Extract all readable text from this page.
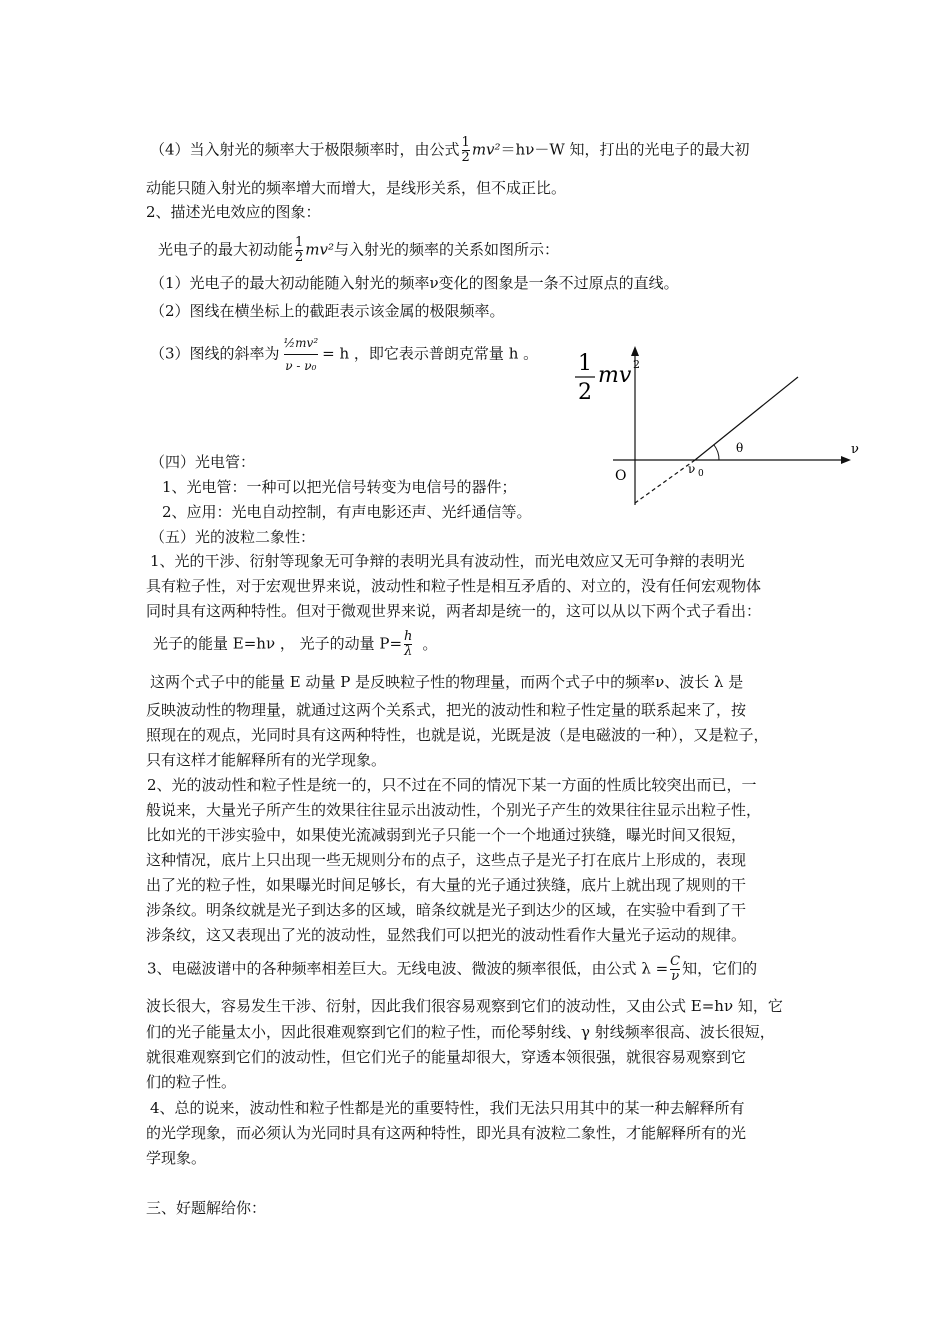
（4）当入射光的频率大于极限频率时，由公式 $\frac{1}{2} mv^2=h\nu-W$ 知，打出的光电子的最大初
动能只随入射光的频率增大而增大，是线形关系，但不成正比。
2、描述光电效应的图象：
光电子的最大初动能 $\frac{1}{2} mv^2$与入射光的频率的关系如图所示：
（1）光电子的最大初动能随入射光的频率ν变化的图象是一条不过原点的直线。
（2）图线在横坐标上的截距表示该金属的极限频率。
（3）图线的斜率为 $\frac{\text{½mv²}}{\text{ν - ν₀}} = h$ ，即它表示普朗克常量 h 。 1
2
mv 2
ν
O
θ
ν 0
（四）光电管：
1、光电管：一种可以把光信号转变为电信号的器件；
2、应用：光电自动控制，有声电影还声、光纤通信等。
（五）光的波粒二象性：
1、光的干涉、衍射等现象无可争辩的表明光具有波动性，而光电效应又无可争辩的表明光
具有粒子性，对于宏观世界来说，波动性和粒子性是相互矛盾的、对立的，没有任何宏观物体
同时具有这两种特性。但对于微观世界来说，两者却是统一的，这可以从以下两个式子看出：
光子的能量 E=hν ， 光子的动量 $P= \frac{h}{\lambda}$ 。
这两个式子中的能量 E 动量 P 是反映粒子性的物理量，而两个式子中的频率ν、波长 λ 是
反映波动性的物理量，就通过这两个关系式，把光的波动性和粒子性定量的联系起来了，按
照现在的观点，光同时具有这两种特性，也就是说，光既是波（是电磁波的一种），又是粒子，
只有这样才能解释所有的光学现象。
2、光的波动性和粒子性是统一的，只不过在不同的情况下某一方面的性质比较突出而已，一
般说来，大量光子所产生的效果往往显示出波动性，个别光子产生的效果往往显示出粒子性，
比如光的干涉实验中，如果使光流减弱到光子只能一个一个地通过狭缝，曝光时间又很短，
这种情况，底片上只出现一些无规则分布的点子，这些点子是光子打在底片上形成的，表现
出了光的粒子性，如果曝光时间足够长，有大量的光子通过狭缝，底片上就出现了规则的干
涉条纹。明条纹就是光子到达多的区域，暗条纹就是光子到达少的区域，在实验中看到了干
涉条纹，这又表现出了光的波动性，显然我们可以把光的波动性看作大量光子运动的规律。
3、电磁波谱中的各种频率相差巨大。无线电波、微波的频率很低，由公式 $\lambda = \frac{C}{\nu}$ 知，它们的
波长很大，容易发生干涉、衍射，因此我们很容易观察到它们的波动性，又由公式 E=hν 知，它
们的光子能量太小，因此很难观察到它们的粒子性，而伦琴射线、γ 射线频率很高、波长很短，
就很难观察到它们的波动性，但它们光子的能量却很大，穿透本领很强，就很容易观察到它
们的粒子性。
4、总的说来，波动性和粒子性都是光的重要特性，我们无法只用其中的某一种去解释所有
的光学现象，而必须认为光同时具有这两种特性，即光具有波粒二象性，才能解释所有的光
学现象。
三、好题解给你：
